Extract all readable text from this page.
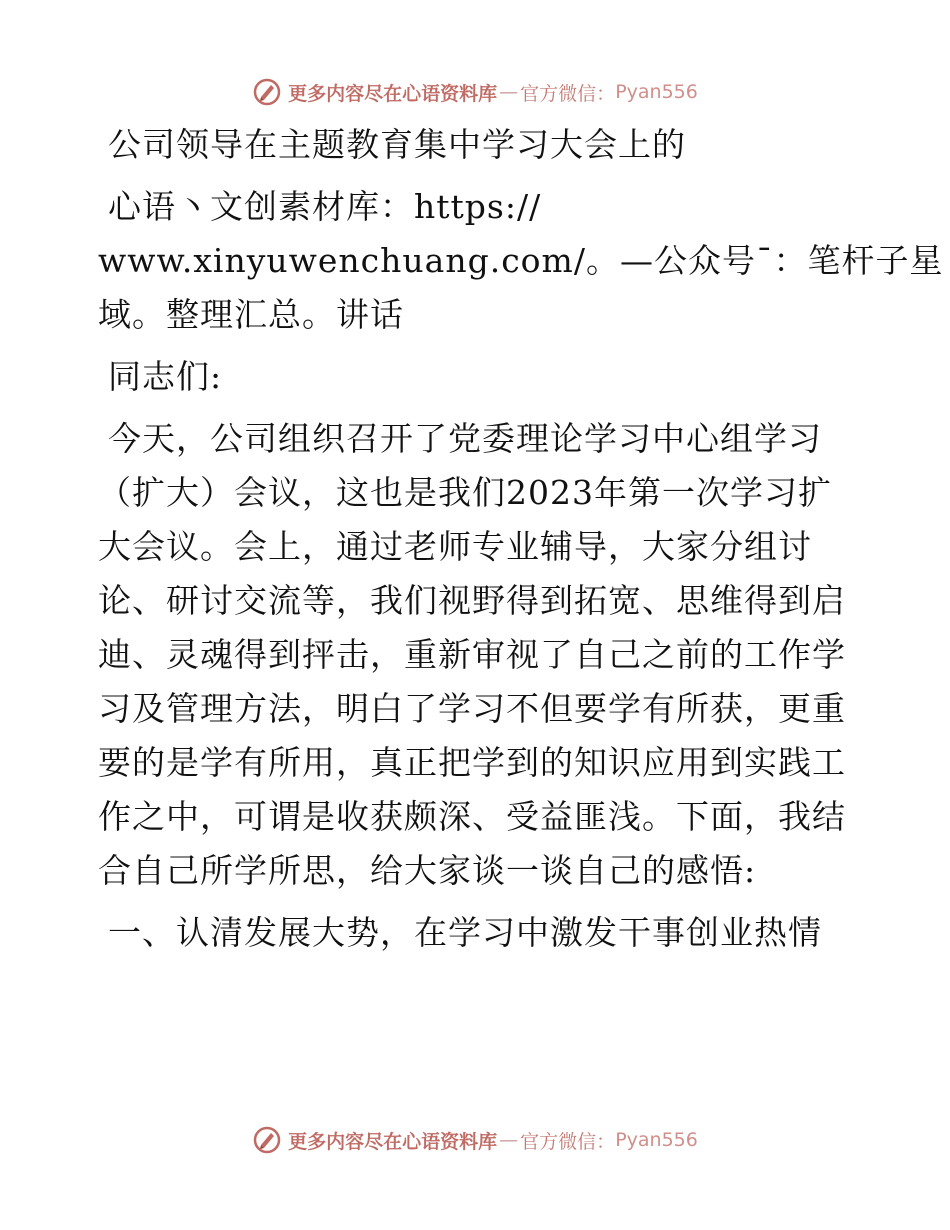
更多内容尽在心语资料库 — 官方微信： Pyan556
公司领导在主题教育集中学习大会上的
心语丶文创素材库：https://
www.xinyuwenchuang.com/。—公众号¯：笔杆子星
域。整理汇总。讲话
同志们:
今天，公司组织召开了党委理论学习中心组学习
（扩大）会议，这也是我们2023年第一次学习扩
大会议。会上，通过老师专业辅导，大家分组讨
论、研讨交流等，我们视野得到拓宽、思维得到启
迪、灵魂得到抨击，重新审视了自己之前的工作学
习及管理方法，明白了学习不但要学有所获，更重
要的是学有所用，真正把学到的知识应用到实践工
作之中，可谓是收获颇深、受益匪浅。下面，我结
合自己所学所思，给大家谈一谈自己的感悟:
一、认清发展大势，在学习中激发干事创业热情
更多内容尽在心语资料库 — 官方微信： Pyan556
